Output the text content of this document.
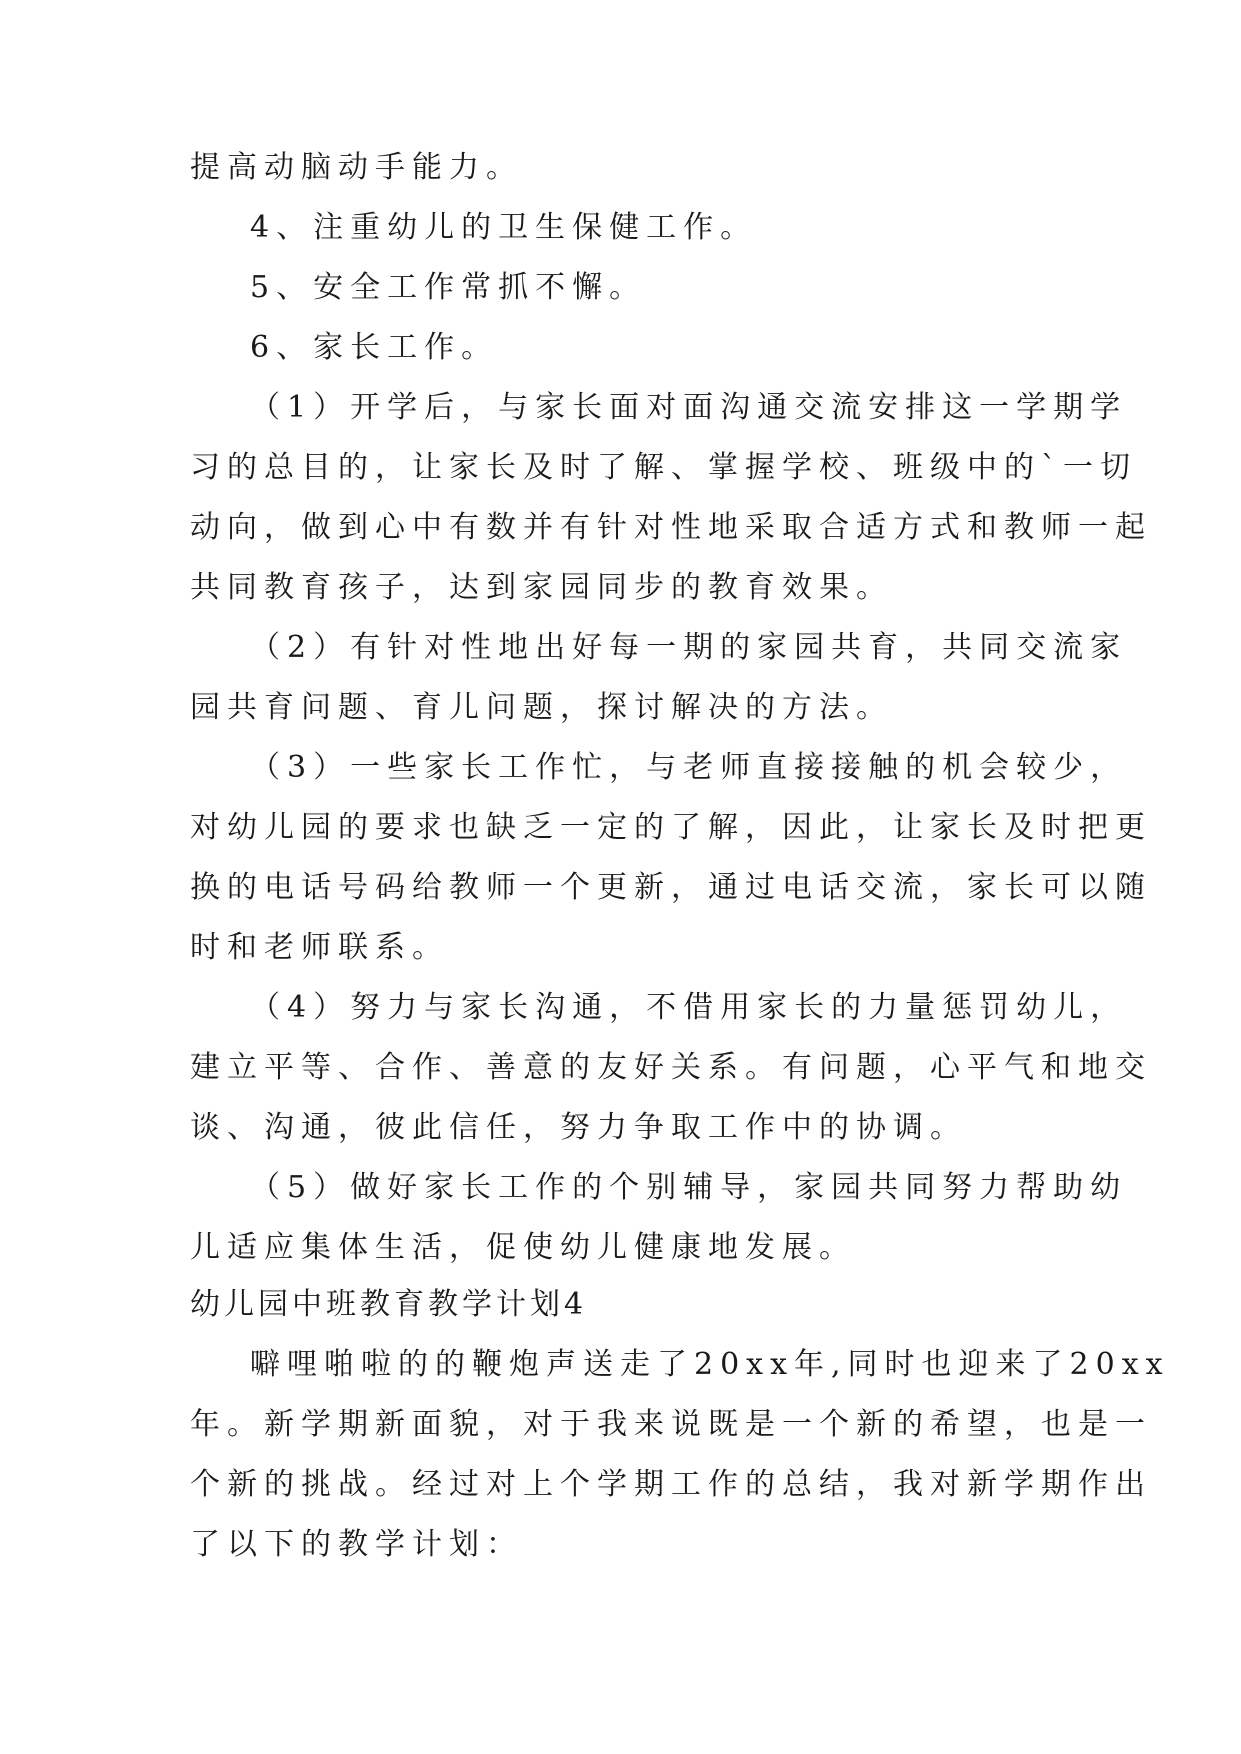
提高动脑动手能力。
4、注重幼儿的卫生保健工作。
5、安全工作常抓不懈。
6、家长工作。
（1）开学后，与家长面对面沟通交流安排这一学期学
习的总目的，让家长及时了解、掌握学校、班级中的`一切
动向，做到心中有数并有针对性地采取合适方式和教师一起
共同教育孩子，达到家园同步的教育效果。
（2）有针对性地出好每一期的家园共育，共同交流家
园共育问题、育儿问题，探讨解决的方法。
（3）一些家长工作忙，与老师直接接触的机会较少，
对幼儿园的要求也缺乏一定的了解，因此，让家长及时把更
换的电话号码给教师一个更新，通过电话交流，家长可以随
时和老师联系。
（4）努力与家长沟通，不借用家长的力量惩罚幼儿，
建立平等、合作、善意的友好关系。有问题，心平气和地交
谈、沟通，彼此信任，努力争取工作中的协调。
（5）做好家长工作的个别辅导，家园共同努力帮助幼
儿适应集体生活，促使幼儿健康地发展。
幼儿园中班教育教学计划4
噼哩啪啦的的鞭炮声送走了20xx年,同时也迎来了20xx
年。新学期新面貌，对于我来说既是一个新的希望，也是一
个新的挑战。经过对上个学期工作的总结，我对新学期作出
了以下的教学计划：
